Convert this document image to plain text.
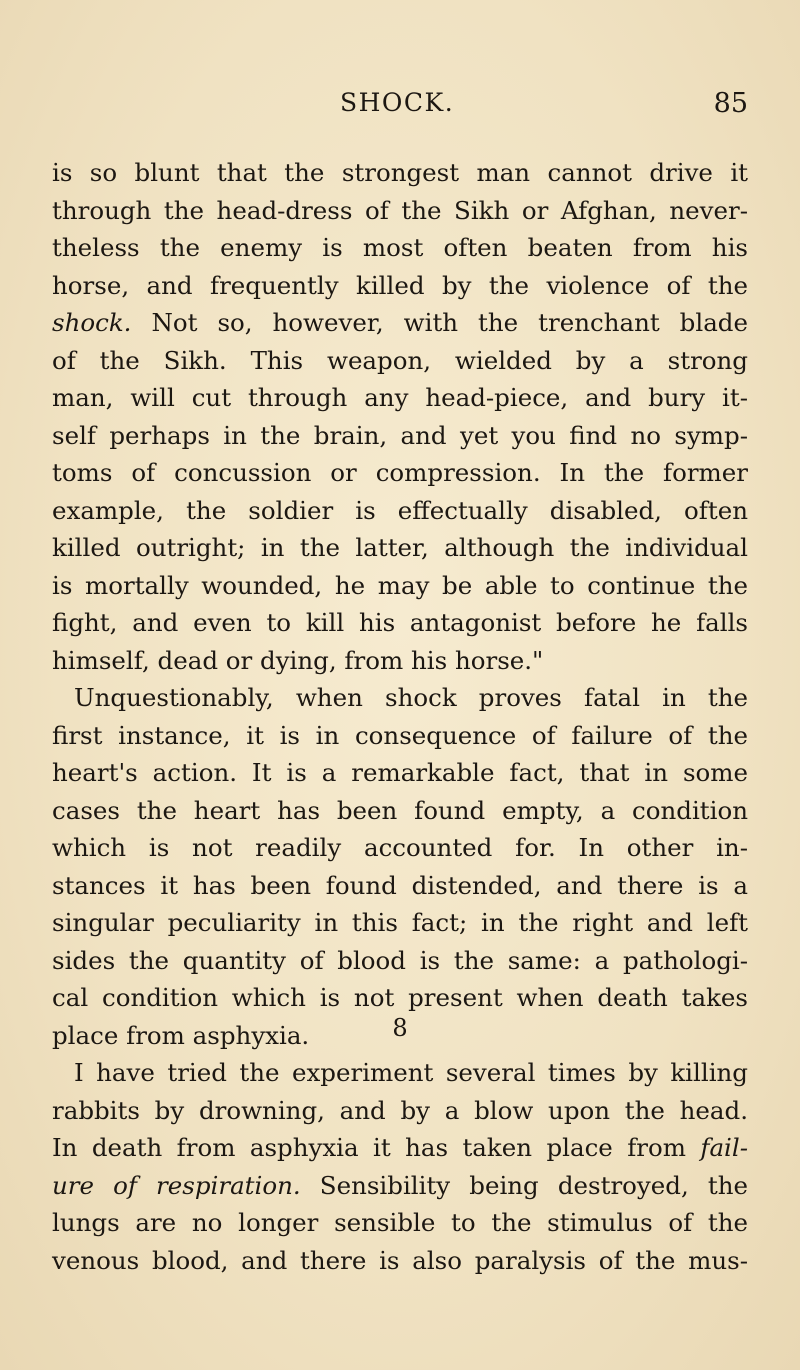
SHOCK.	85
is so blunt that the strongest man cannot drive it
through the head-dress of the Sikh or Afghan, never-
theless the enemy is most often beaten from his
horse, and frequently killed by the violence of the
shock. Not so, however, with the trenchant blade
of the Sikh. This weapon, wielded by a strong
man, will cut through any head-piece, and bury it-
self perhaps in the brain, and yet you find no symp-
toms of concussion or compression. In the former
example, the soldier is effectually disabled, often
killed outright; in the latter, although the individual
is mortally wounded, he may be able to continue the
fight, and even to kill his antagonist before he falls
himself, dead or dying, from his horse."
Unquestionably, when shock proves fatal in the
first instance, it is in consequence of failure of the
heart's action. It is a remarkable fact, that in some
cases the heart has been found empty, a condition
which is not readily accounted for. In other in-
stances it has been found distended, and there is a
singular peculiarity in this fact; in the right and left
sides the quantity of blood is the same: a pathologi-
cal condition which is not present when death takes
place from asphyxia.
I have tried the experiment several times by killing
rabbits by drowning, and by a blow upon the head.
In death from asphyxia it has taken place from fail-
ure of respiration. Sensibility being destroyed, the
lungs are no longer sensible to the stimulus of the
venous blood, and there is also paralysis of the mus-
8
